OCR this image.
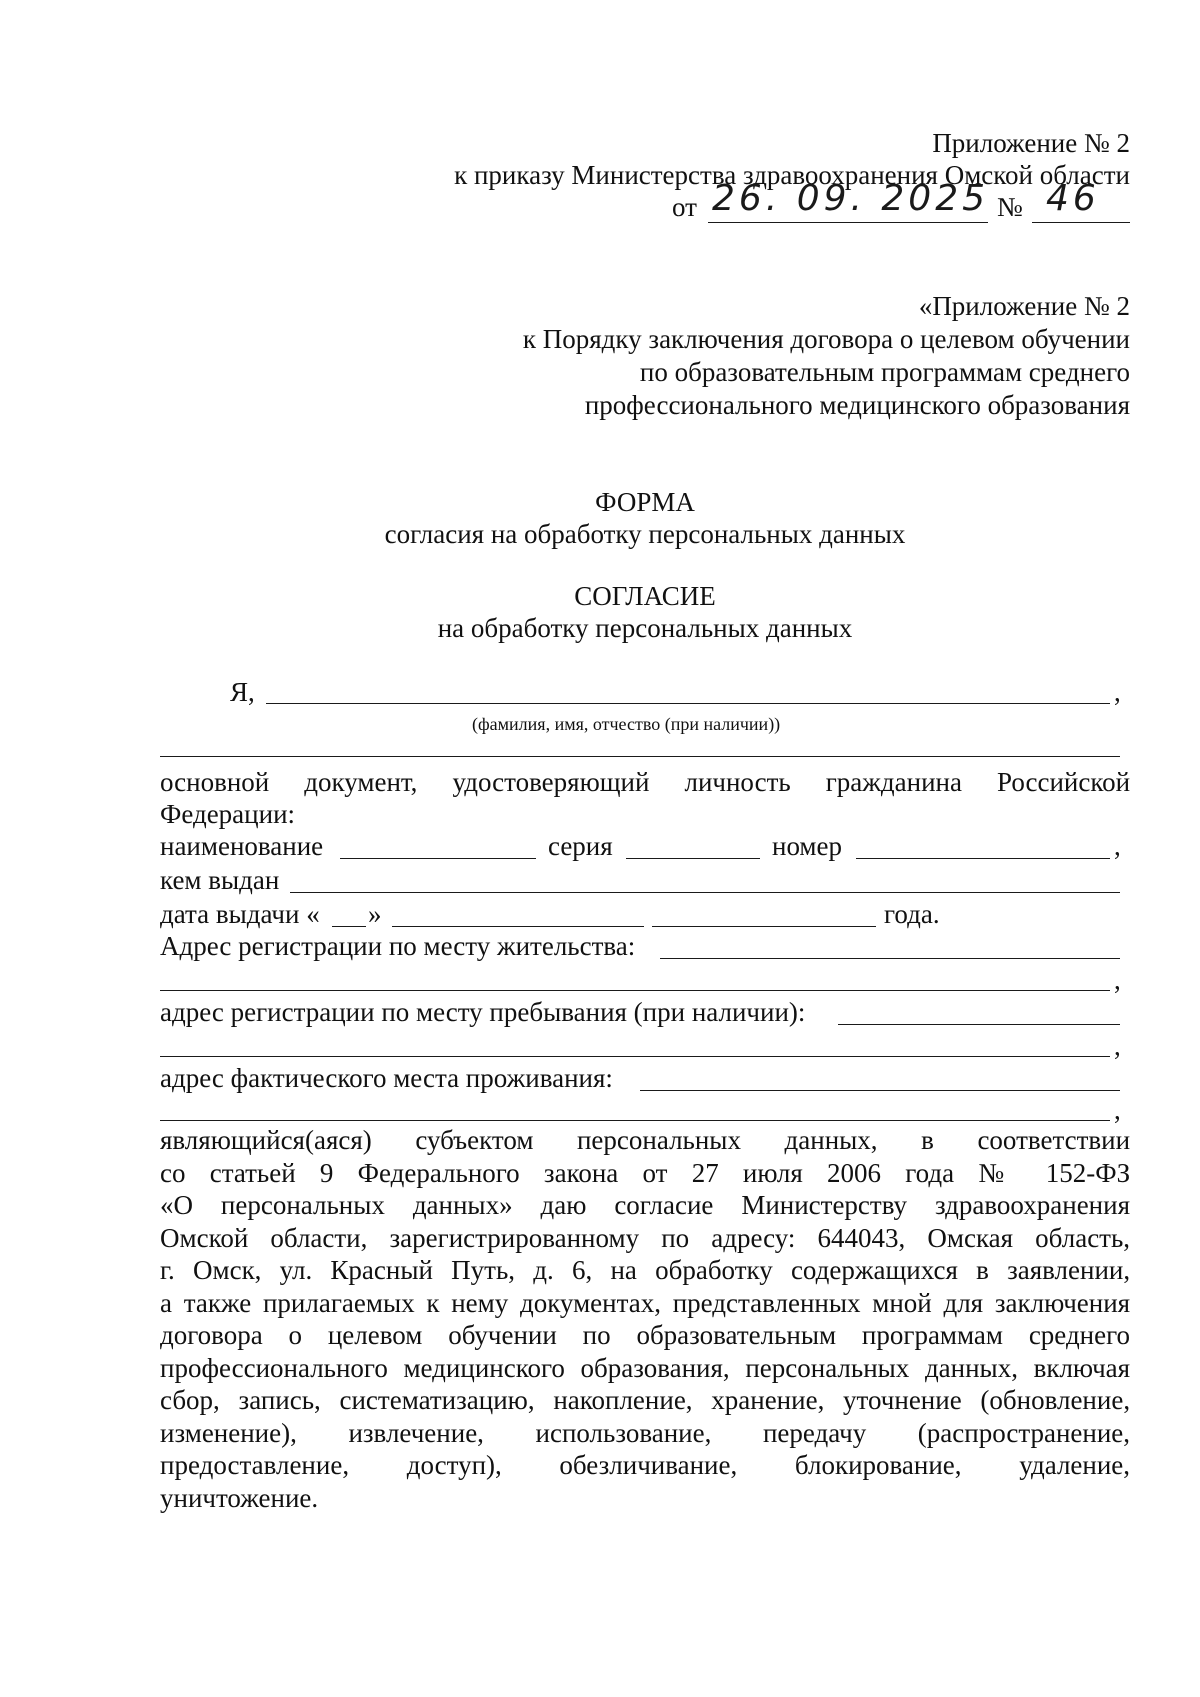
Приложение № 2
к приказу Министерства здравоохранения Омской области
от 26. 09. 2025 № 46
«Приложение № 2
к Порядку заключения договора о целевом обучении
по образовательным программам среднего
профессионального медицинского образования
ФОРМА
согласия на обработку персональных данных
СОГЛАСИЕ
на обработку персональных данных
Я,	,
(фамилия, имя, отчество (при наличии))
основной документ, удостоверяющий личность гражданина Российской
Федерации:
наименование	серия	номер	,
кем выдан
дата выдачи « »	года.
Адрес регистрации по месту жительства:
,
адрес регистрации по месту пребывания (при наличии):
,
адрес фактического места проживания:
,
являющийся(аяся) субъектом персональных данных, в соответствии
со статьей 9 Федерального закона от 27 июля 2006 года № 152-ФЗ
«О персональных данных» даю согласие Министерству здравоохранения
Омской области, зарегистрированному по адресу: 644043, Омская область,
г. Омск, ул. Красный Путь, д. 6, на обработку содержащихся в заявлении,
а также прилагаемых к нему документах, представленных мной для заключения
договора о целевом обучении по образовательным программам среднего
профессионального медицинского образования, персональных данных, включая
сбор, запись, систематизацию, накопление, хранение, уточнение (обновление,
изменение), извлечение, использование, передачу (распространение,
предоставление, доступ), обезличивание, блокирование, удаление,
уничтожение.
